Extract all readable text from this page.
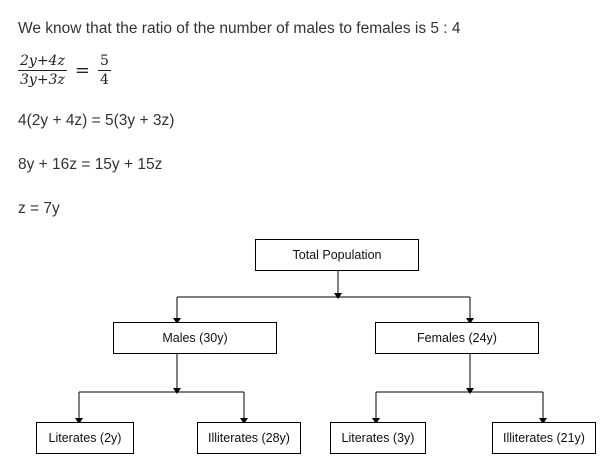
We know that the ratio of the number of males to females is 5 : 4
$\frac{2y+4z}{3y+3z} = \frac{5}{4}$
4(2y + 4z) = 5(3y + 3z)
8y + 16z = 15y + 15z
z = 7y
Total Population
Males (30y)	Females (24y)
Literates (2y)	Illiterates (28y)	Literates (3y)	Illiterates (21y)
